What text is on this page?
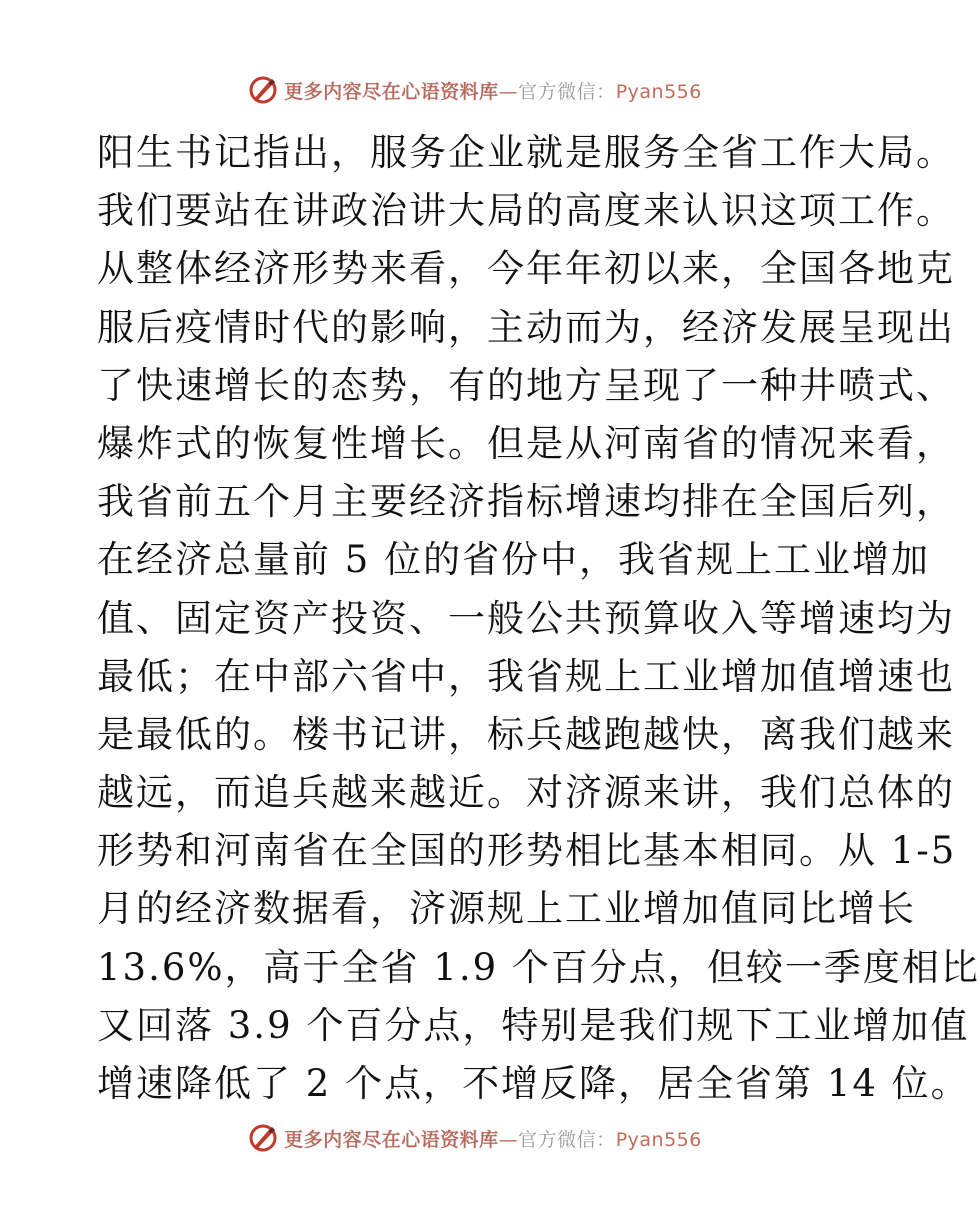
更多内容尽在心语资料库—官方微信：Pyan556
阳生书记指出，服务企业就是服务全省工作大局。
我们要站在讲政治讲大局的高度来认识这项工作。
从整体经济形势来看，今年年初以来，全国各地克
服后疫情时代的影响，主动而为，经济发展呈现出
了快速增长的态势，有的地方呈现了一种井喷式、
爆炸式的恢复性增长。但是从河南省的情况来看，
我省前五个月主要经济指标增速均排在全国后列，
在经济总量前 5 位的省份中，我省规上工业增加
值、固定资产投资、一般公共预算收入等增速均为
最低；在中部六省中，我省规上工业增加值增速也
是最低的。楼书记讲，标兵越跑越快，离我们越来
越远，而追兵越来越近。对济源来讲，我们总体的
形势和河南省在全国的形势相比基本相同。从 1-5
月的经济数据看，济源规上工业增加值同比增长
13.6%，高于全省 1.9 个百分点，但较一季度相比
又回落 3.9 个百分点，特别是我们规下工业增加值
增速降低了 2 个点，不增反降，居全省第 14 位。
更多内容尽在心语资料库—官方微信：Pyan556
